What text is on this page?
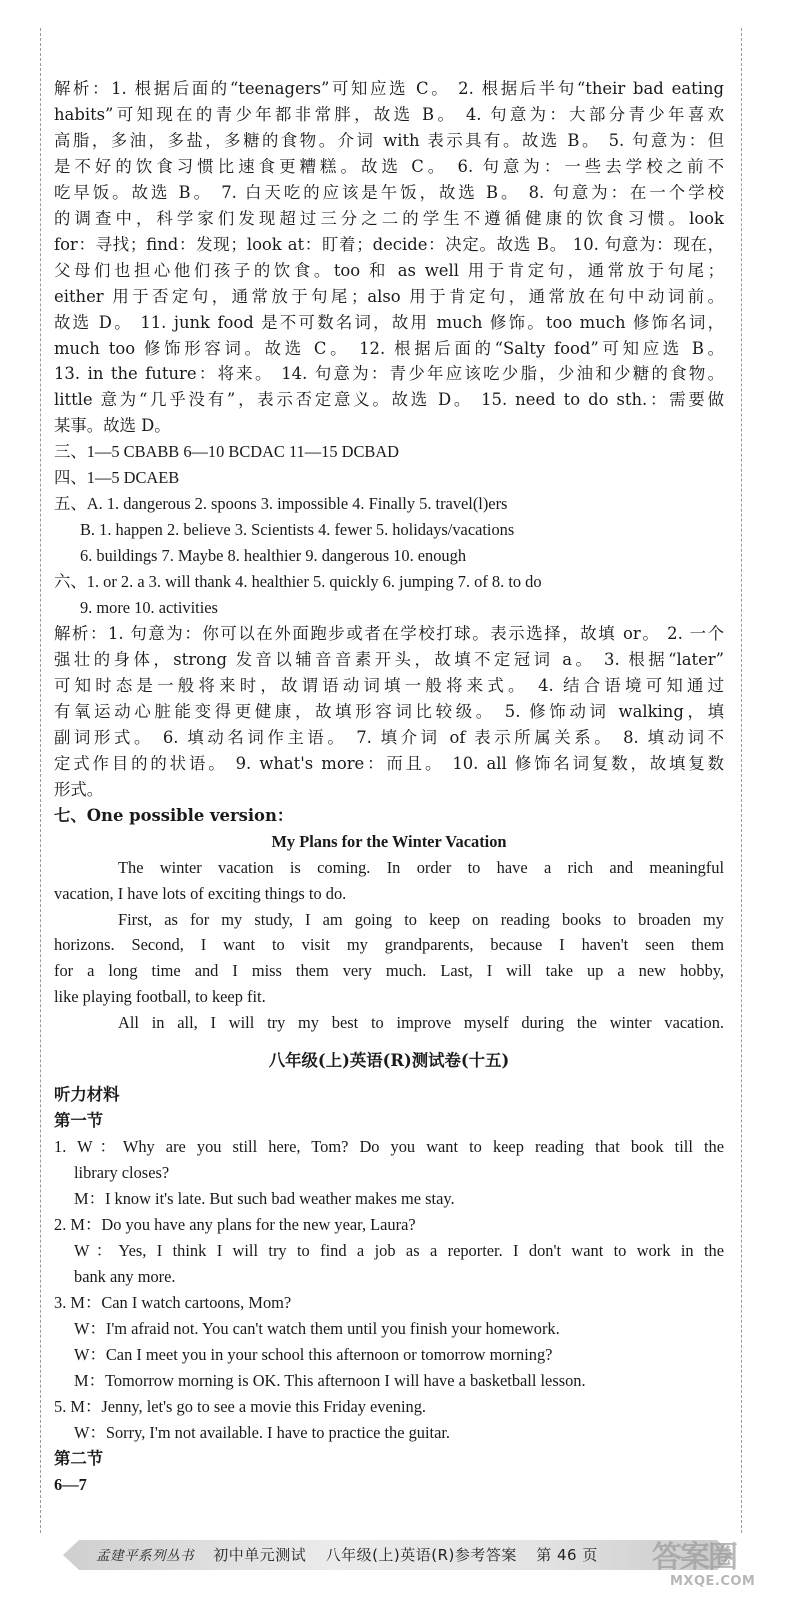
解析：1. 根据后面的“teenagers”可知应选 C。 2. 根据后半句“their bad eating
habits”可知现在的青少年都非常胖，故选 B。 4. 句意为：大部分青少年喜欢
高脂，多油，多盐，多糖的食物。介词 with 表示具有。故选 B。 5. 句意为：但
是不好的饮食习惯比速食更糟糕。故选 C。 6. 句意为：一些去学校之前不
吃早饭。故选 B。 7. 白天吃的应该是午饭，故选 B。 8. 句意为：在一个学校
的调查中，科学家们发现超过三分之二的学生不遵循健康的饮食习惯。look
for：寻找；find：发现；look at：盯着；decide：决定。故选 B。 10. 句意为：现在，
父母们也担心他们孩子的饮食。too 和 as well 用于肯定句，通常放于句尾；
either 用于否定句，通常放于句尾；also 用于肯定句，通常放在句中动词前。
故选 D。 11. junk food 是不可数名词，故用 much 修饰。too much 修饰名词，
much too 修饰形容词。故选 C。 12. 根据后面的“Salty food”可知应选 B。
13. in the future：将来。 14. 句意为：青少年应该吃少脂，少油和少糖的食物。
little 意为“几乎没有”，表示否定意义。故选 D。 15. need to do sth.：需要做
某事。故选 D。
三、1—5 CBABB 6—10 BCDAC 11—15 DCBAD
四、1—5 DCAEB
五、A. 1. dangerous 2. spoons 3. impossible 4. Finally 5. travel(l)ers
B. 1. happen 2. believe 3. Scientists 4. fewer 5. holidays/vacations
6. buildings 7. Maybe 8. healthier 9. dangerous 10. enough
六、1. or 2. a 3. will thank 4. healthier 5. quickly 6. jumping 7. of 8. to do
9. more 10. activities
解析：1. 句意为：你可以在外面跑步或者在学校打球。表示选择，故填 or。 2. 一个
强壮的身体，strong 发音以辅音音素开头，故填不定冠词 a。 3. 根据“later”
可知时态是一般将来时，故谓语动词填一般将来式。 4. 结合语境可知通过
有氧运动心脏能变得更健康，故填形容词比较级。 5. 修饰动词 walking，填
副词形式。 6. 填动名词作主语。 7. 填介词 of 表示所属关系。 8. 填动词不
定式作目的的状语。 9. what's more：而且。 10. all 修饰名词复数，故填复数
形式。
七、One possible version：
My Plans for the Winter Vacation
The winter vacation is coming. In order to have a rich and meaningful
vacation, I have lots of exciting things to do.
First, as for my study, I am going to keep on reading books to broaden my
horizons. Second, I want to visit my grandparents, because I haven't seen them
for a long time and I miss them very much. Last, I will take up a new hobby,
like playing football, to keep fit.
All in all, I will try my best to improve myself during the winter vacation.
八年级(上)英语(R)测试卷(十五)
听力材料
第一节
1. W：Why are you still here, Tom? Do you want to keep reading that book till the
library closes?
M：I know it's late. But such bad weather makes me stay.
2. M：Do you have any plans for the new year, Laura?
W：Yes, I think I will try to find a job as a reporter. I don't want to work in the
bank any more.
3. M：Can I watch cartoons, Mom?
W：I'm afraid not. You can't watch them until you finish your homework.
W：Can I meet you in your school this afternoon or tomorrow morning?
M：Tomorrow morning is OK. This afternoon I will have a basketball lesson.
5. M：Jenny, let's go to see a movie this Friday evening.
W：Sorry, I'm not available. I have to practice the guitar.
第二节
6—7
孟建平系列丛书 初中单元测试 八年级(上)英语(R)参考答案 第 46 页	答案圈
MXQE.COM
